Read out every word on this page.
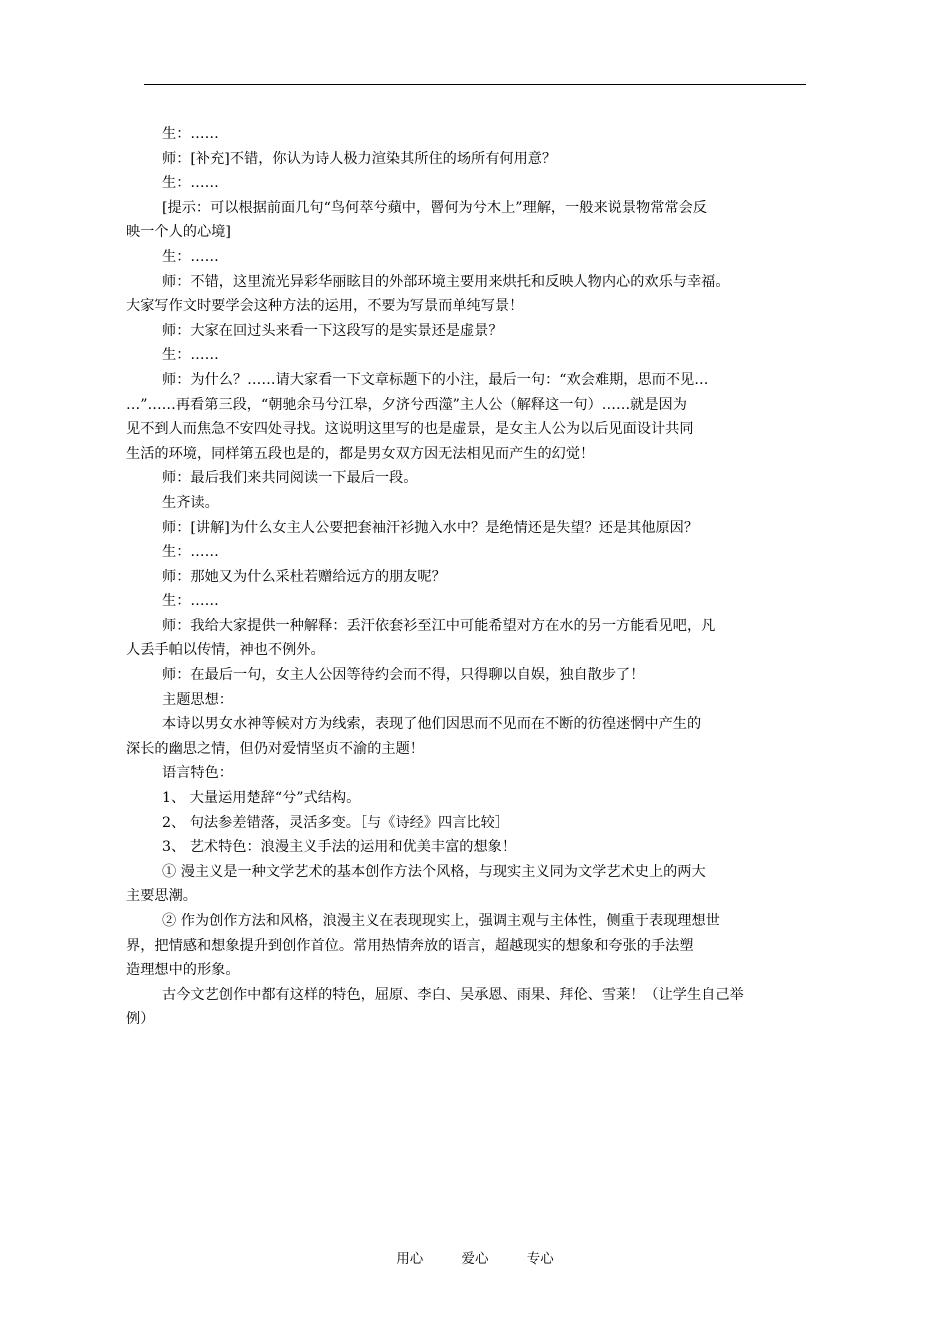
生：……
师：[补充]不错，你认为诗人极力渲染其所住的场所有何用意？
生：……
[提示：可以根据前面几句“鸟何萃兮蘋中，罾何为兮木上”理解，一般来说景物常常会反
映一个人的心境]
生：……
师：不错，这里流光异彩华丽眩目的外部环境主要用来烘托和反映人物内心的欢乐与幸福。
大家写作文时要学会这种方法的运用，不要为写景而单纯写景！
师：大家在回过头来看一下这段写的是实景还是虚景？
生：……
师：为什么？……请大家看一下文章标题下的小注，最后一句：“欢会难期，思而不见…
…”……再看第三段，“朝驰余马兮江皋，夕济兮西澨”主人公（解释这一句）……就是因为
见不到人而焦急不安四处寻找。这说明这里写的也是虚景，是女主人公为以后见面设计共同
生活的环境，同样第五段也是的，都是男女双方因无法相见而产生的幻觉！
师：最后我们来共同阅读一下最后一段。
生齐读。
师：[讲解]为什么女主人公要把套袖汗衫抛入水中？是绝情还是失望？还是其他原因？
生：……
师：那她又为什么采杜若赠给远方的朋友呢？
生：……
师：我给大家提供一种解释：丢汗依套衫至江中可能希望对方在水的另一方能看见吧，凡
人丢手帕以传情，神也不例外。
师：在最后一句，女主人公因等待约会而不得，只得聊以自娱，独自散步了！
主题思想：
本诗以男女水神等候对方为线索，表现了他们因思而不见而在不断的彷徨迷惘中产生的
深长的幽思之情，但仍对爱情坚贞不渝的主题！
语言特色：
1、 大量运用楚辞“兮”式结构。
2、 句法参差错落，灵活多变。［与《诗经》四言比较］
3、 艺术特色：浪漫主义手法的运用和优美丰富的想象！
① 漫主义是一种文学艺术的基本创作方法个风格，与现实主义同为文学艺术史上的两大
主要思潮。
② 作为创作方法和风格，浪漫主义在表现现实上，强调主观与主体性，侧重于表现理想世
界，把情感和想象提升到创作首位。常用热情奔放的语言，超越现实的想象和夸张的手法塑
造理想中的形象。
古今文艺创作中都有这样的特色，屈原、李白、吴承恩、雨果、拜伦、雪莱！（让学生自己举
例）
用心	爱心	专心
